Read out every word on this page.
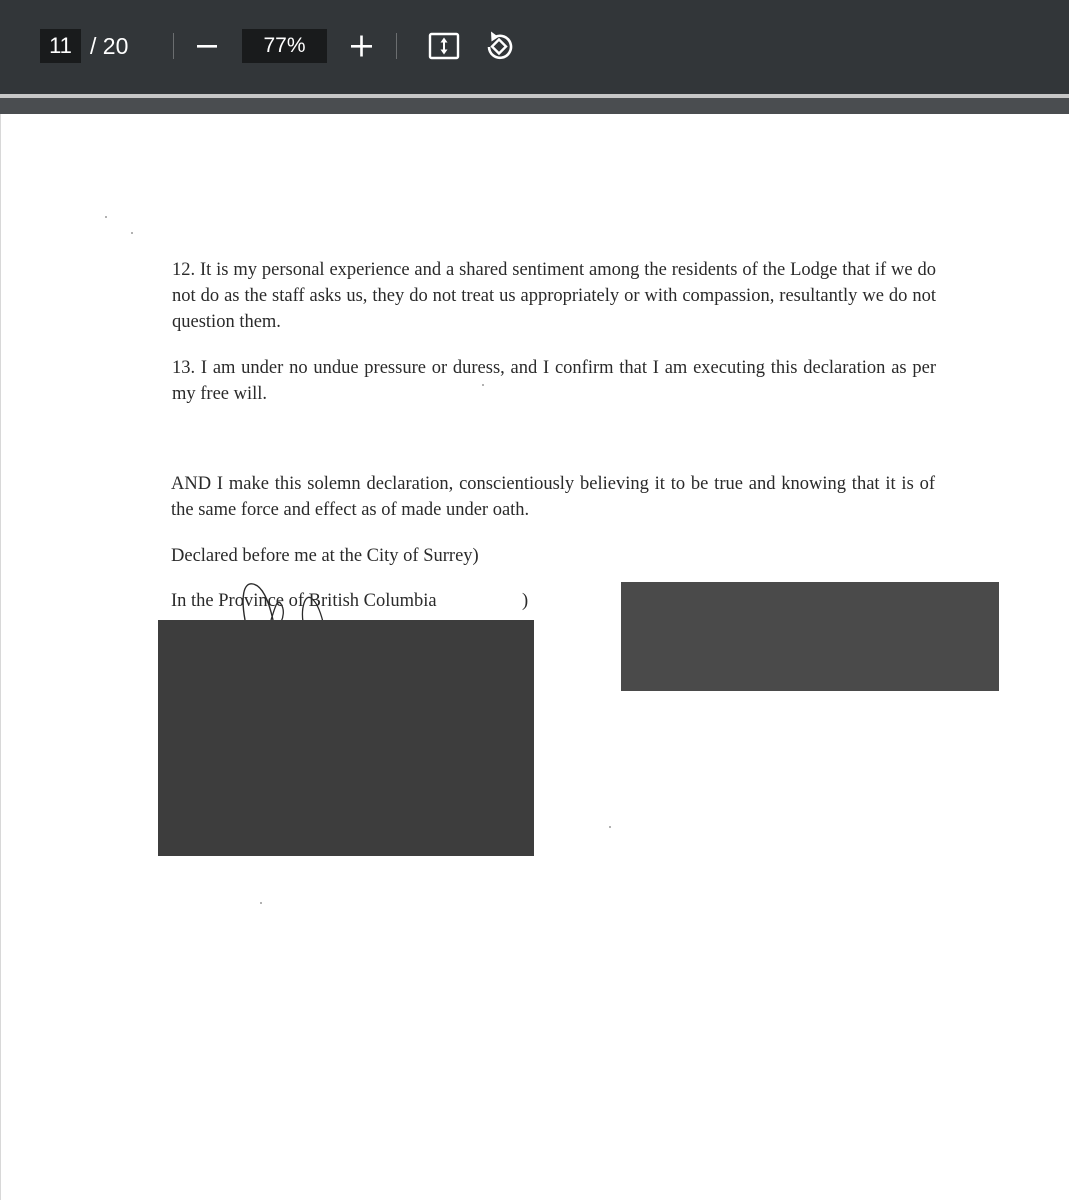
11 / 20	77%

12. It is my personal experience and a shared sentiment among the residents of the Lodge that if we do not do as the staff asks us, they do not treat us appropriately or with compassion, resultantly we do not question them.

13. I am under no undue pressure or duress, and I confirm that I am executing this declaration as per my free will.

AND I make this solemn declaration, conscientiously believing it to be true and knowing that it is of the same force and effect as of made under oath.

Declared before me at the City of Surrey)
In the Province of British Columbia	)
